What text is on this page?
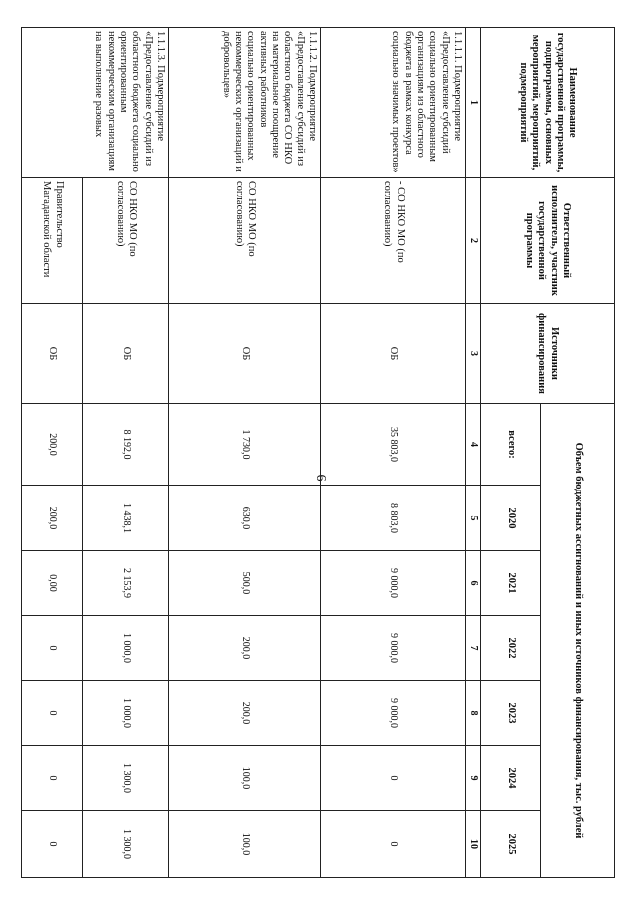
6
Наименование государственной программы, подпрограммы, основных мероприятий, мероприятий, подмероприятий	Ответственный исполнитель, участник государственной программы	Источники финансирования	Объем бюджетных ассигнований и иных источников финансирования, тыс. рублей						
			всего:	2020	2021	2022	2023	2024	2025
1	2	3	4	5	6	7	8	9	10
1.1.1.1. Подмероприятие «Предоставление субсидий социально ориентированным организациям из областного бюджета в рамках конкурса социально значимых проектов»	- СО НКО МО (по согласованию)	ОБ	35 803,0	8 803,0	9 000,0	9 000,0	9 000,0	0	0
1.1.1.2. Подмероприятие «Предоставление субсидий из областного бюджета СО НКО на материальное поощрение активных работников социально ориентированных некоммерческих организаций и добровольцев»	СО НКО МО (по согласованию)	ОБ	1 730,0	630,0	500,0	200,0	200,0	100,0	100,0
1.1.1.3. Подмероприятие «Предоставление субсидий из областного бюджета социально ориентированным некоммерческим организациям на выполнение разовых	СО НКО МО (по согласованию)	ОБ	8 192,0	1 438,1	2 153,9	1 000,0	1 000,0	1 300,0	1 300,0
	Правительство Магаданской области	ОБ	200,0	200,0	0,00	0	0	0	0
